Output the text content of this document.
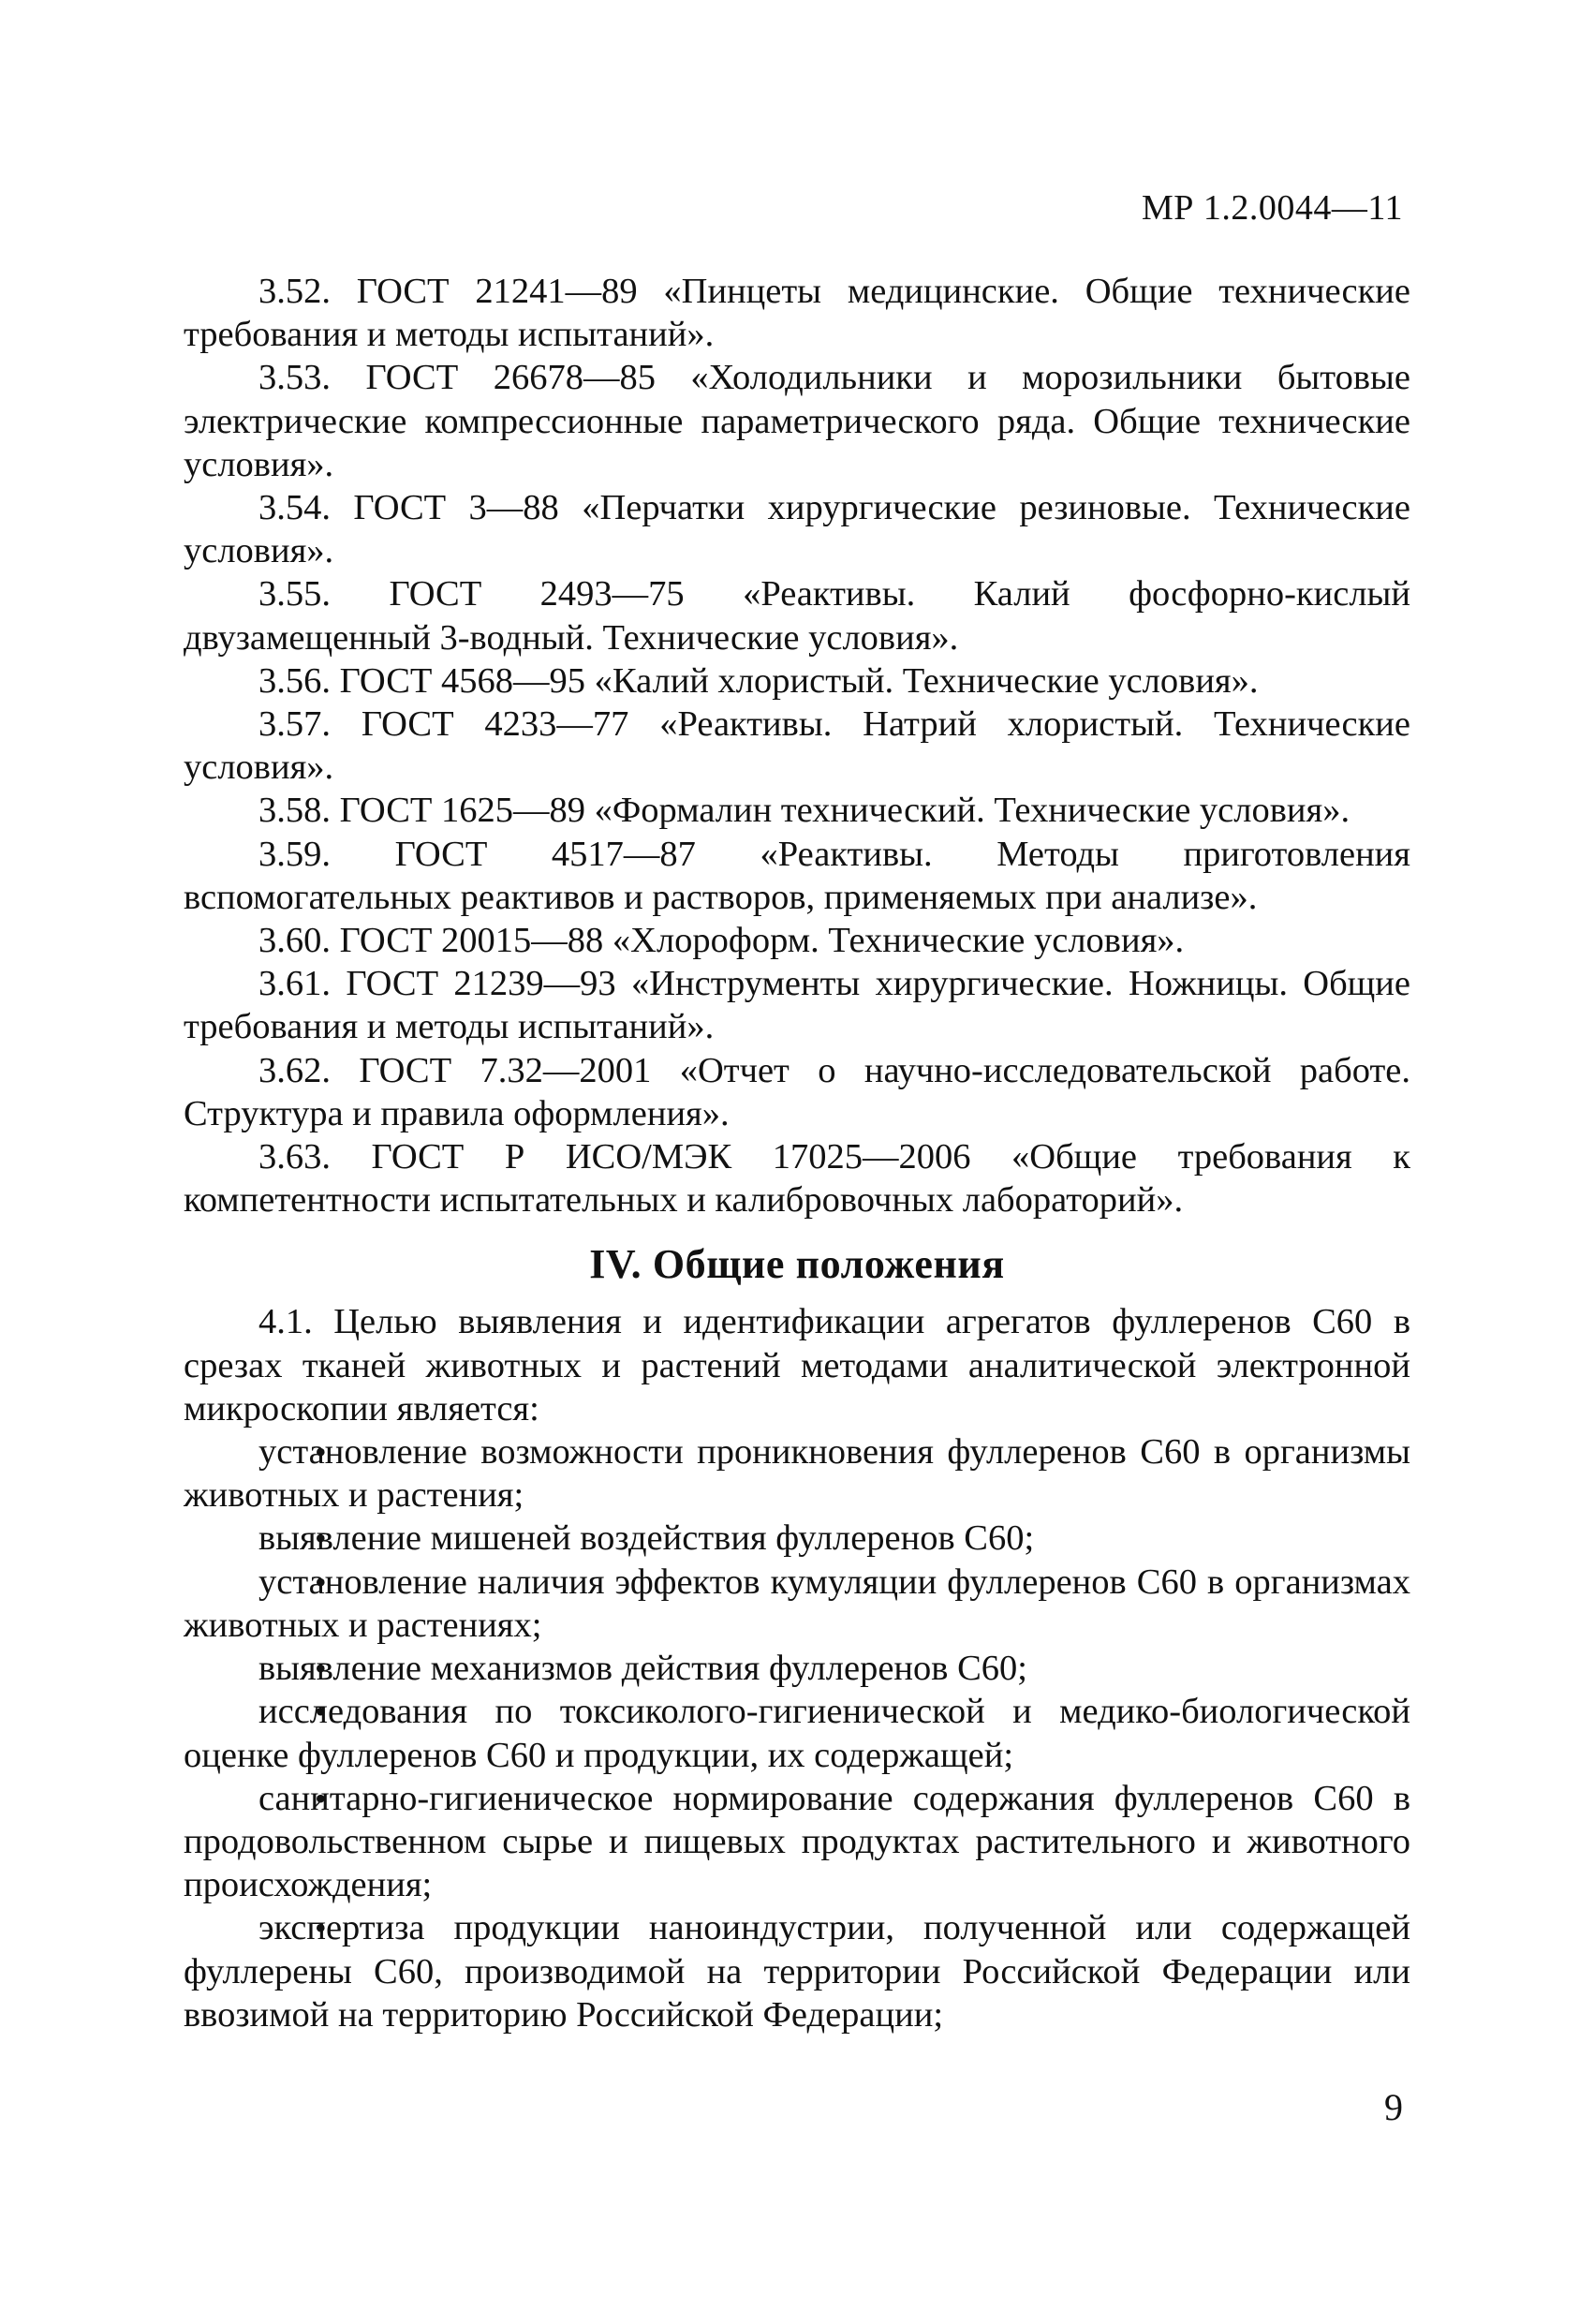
МР 1.2.0044—11

3.52. ГОСТ 21241—89 «Пинцеты медицинские. Общие технические требования и методы испытаний».

3.53. ГОСТ 26678—85 «Холодильники и морозильники бытовые электрические компрессионные параметрического ряда. Общие технические условия».

3.54. ГОСТ 3—88 «Перчатки хирургические резиновые. Технические условия».

3.55. ГОСТ 2493—75 «Реактивы. Калий фосфорно-кислый двузамещенный 3-водный. Технические условия».

3.56. ГОСТ 4568—95 «Калий хлористый. Технические условия».

3.57. ГОСТ 4233—77 «Реактивы. Натрий хлористый. Технические условия».

3.58. ГОСТ 1625—89 «Формалин технический. Технические условия».

3.59. ГОСТ 4517—87 «Реактивы. Методы приготовления вспомогательных реактивов и растворов, применяемых при анализе».

3.60. ГОСТ 20015—88 «Хлороформ. Технические условия».

3.61. ГОСТ 21239—93 «Инструменты хирургические. Ножницы. Общие требования и методы испытаний».

3.62. ГОСТ 7.32—2001 «Отчет о научно-исследовательской работе. Структура и правила оформления».

3.63. ГОСТ Р ИСО/МЭК 17025—2006 «Общие требования к компетентности испытательных и калибровочных лабораторий».

IV. Общие положения

4.1. Целью выявления и идентификации агрегатов фуллеренов С60 в срезах тканей животных и растений методами аналитической электронной микроскопии является:

установление возможности проникновения фуллеренов С60 в организмы животных и растения;
выявление мишеней воздействия фуллеренов С60;
установление наличия эффектов кумуляции фуллеренов С60 в организмах животных и растениях;
выявление механизмов действия фуллеренов С60;
исследования по токсиколого-гигиенической и медико-биологической оценке фуллеренов С60 и продукции, их содержащей;
санитарно-гигиеническое нормирование содержания фуллеренов С60 в продовольственном сырье и пищевых продуктах растительного и животного происхождения;
экспертиза продукции наноиндустрии, полученной или содержащей фуллерены С60, производимой на территории Российской Федерации или ввозимой на территорию Российской Федерации;
9
